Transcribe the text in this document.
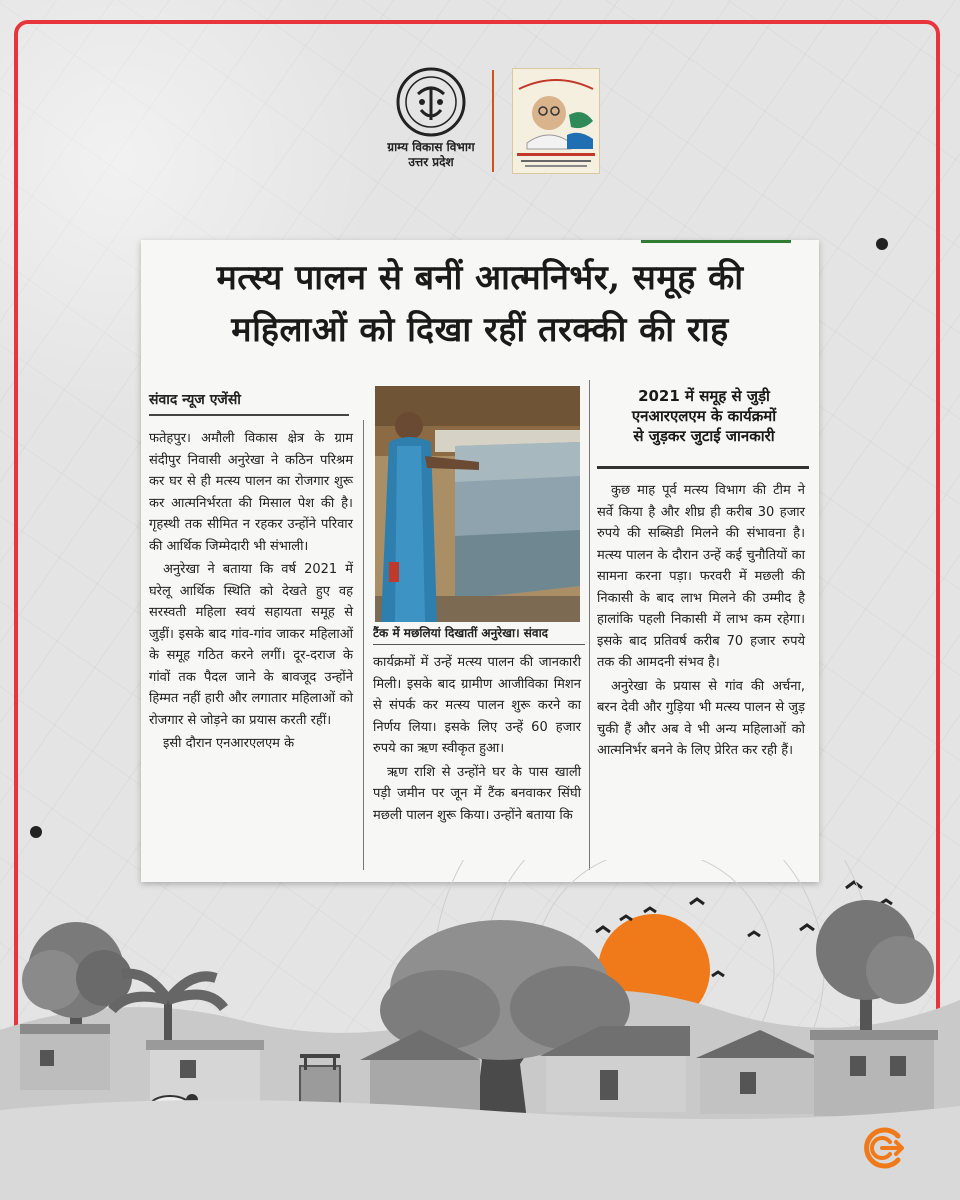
ग्राम्य विकास विभाग
उत्तर प्रदेश
मत्स्य पालन से बनीं आत्मनिर्भर, समूह की
महिलाओं को दिखा रहीं तरक्की की राह
संवाद न्यूज एजेंसी

फतेहपुर। अमौली विकास क्षेत्र के ग्राम संदीपुर निवासी अनुरेखा ने कठिन परिश्रम कर घर से ही मत्स्य पालन का रोजगार शुरू कर आत्मनिर्भरता की मिसाल पेश की है। गृहस्थी तक सीमित न रहकर उन्होंने परिवार की आर्थिक जिम्मेदारी भी संभाली।

अनुरेखा ने बताया कि वर्ष 2021 में घरेलू आर्थिक स्थिति को देखते हुए वह सरस्वती महिला स्वयं सहायता समूह से जुड़ीं। इसके बाद गांव-गांव जाकर महिलाओं के समूह गठित करने लगीं। दूर-दराज के गांवों तक पैदल जाने के बावजूद उन्होंने हिम्मत नहीं हारी और लगातार महिलाओं को रोजगार से जोड़ने का प्रयास करती रहीं।

इसी दौरान एनआरएलएम के

टैंक में मछलियां दिखातीं अनुरेखा। संवाद

कार्यक्रमों में उन्हें मत्स्य पालन की जानकारी मिली। इसके बाद ग्रामीण आजीविका मिशन से संपर्क कर मत्स्य पालन शुरू करने का निर्णय लिया। इसके लिए उन्हें 60 हजार रुपये का ऋण स्वीकृत हुआ।

ऋण राशि से उन्होंने घर के पास खाली पड़ी जमीन पर जून में टैंक बनवाकर सिंघी मछली पालन शुरू किया। उन्होंने बताया कि

2021 में समूह से जुड़ी
एनआरएलएम के कार्यक्रमों
से जुड़कर जुटाई जानकारी

कुछ माह पूर्व मत्स्य विभाग की टीम ने सर्वे किया है और शीघ्र ही करीब 30 हजार रुपये की सब्सिडी मिलने की संभावना है। मत्स्य पालन के दौरान उन्हें कई चुनौतियों का सामना करना पड़ा। फरवरी में मछली की निकासी के बाद लाभ मिलने की उम्मीद है हालांकि पहली निकासी में लाभ कम रहेगा। इसके बाद प्रतिवर्ष करीब 70 हजार रुपये तक की आमदनी संभव है।

अनुरेखा के प्रयास से गांव की अर्चना, बरन देवी और गुड़िया भी मत्स्य पालन से जुड़ चुकी हैं और अब वे भी अन्य महिलाओं को आत्मनिर्भर बनने के लिए प्रेरित कर रही हैं।
